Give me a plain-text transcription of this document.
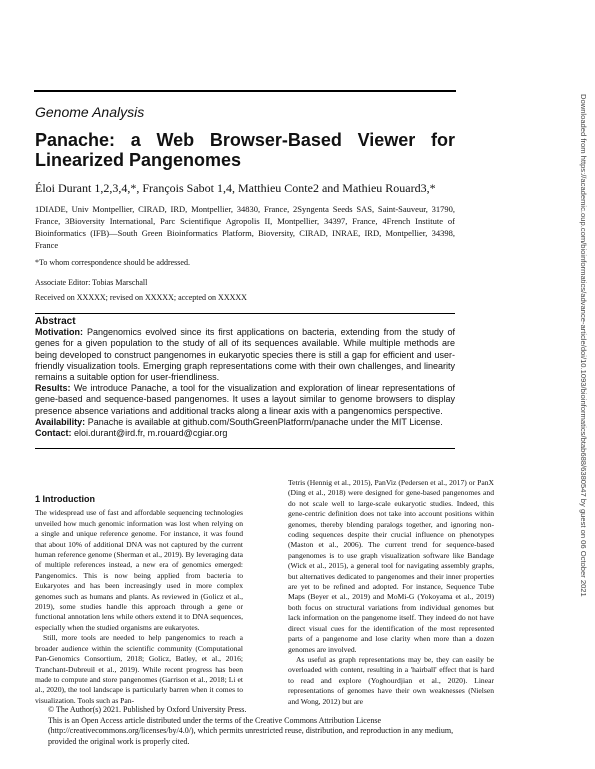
Genome Analysis
Panache: a Web Browser-Based Viewer for Linearized Pangenomes
Éloi Durant 1,2,3,4,*, François Sabot 1,4, Matthieu Conte2 and Mathieu Rouard3,*
1DIADE, Univ Montpellier, CIRAD, IRD, Montpellier, 34830, France, 2Syngenta Seeds SAS, Saint-Sauveur, 31790, France, 3Bioversity International, Parc Scientifique Agropolis II, Montpellier, 34397, France, 4French Institute of Bioinformatics (IFB)—South Green Bioinformatics Platform, Bioversity, CIRAD, INRAE, IRD, Montpellier, 34398, France
*To whom correspondence should be addressed.
Associate Editor: Tobias Marschall
Received on XXXXX; revised on XXXXX; accepted on XXXXX

Abstract

Motivation: Pangenomics evolved since its first applications on bacteria, extending from the study of genes for a given population to the study of all of its sequences available. While multiple methods are being developed to construct pangenomes in eukaryotic species there is still a gap for efficient and user-friendly visualization tools. Emerging graph representations come with their own challenges, and linearity remains a suitable option for user-friendliness.

Results: We introduce Panache, a tool for the visualization and exploration of linear representations of gene-based and sequence-based pangenomes. It uses a layout similar to genome browsers to display presence absence variations and additional tracks along a linear axis with a pangenomics perspective.

Availability: Panache is available at github.com/SouthGreenPlatform/panache under the MIT License.

Contact: eloi.durant@ird.fr, m.rouard@cgiar.org

1 Introduction

The widespread use of fast and affordable sequencing technologies unveiled how much genomic information was lost when relying on a single and unique reference genome. For instance, it was found that about 10% of additional DNA was not captured by the current human reference genome (Sherman et al., 2019). By leveraging data of multiple references instead, a new era of genomics emerged: Pangenomics. This is now being applied from bacteria to Eukaryotes and has been increasingly used in more complex genomes such as humans and plants. As reviewed in (Golicz et al., 2019), some studies handle this approach through a gene or functional annotation lens while others extend it to DNA sequences, especially when the studied organisms are eukaryotes.

Still, more tools are needed to help pangenomics to reach a broader audience within the scientific community (Computational Pan-Genomics Consortium, 2018; Golicz, Batley, et al., 2016; Tranchant-Dubreuil et al., 2019). While recent progress has been made to compute and store pangenomes (Garrison et al., 2018; Li et al., 2020), the tool landscape is particularly barren when it comes to visualization. Tools such as Pan-

Tetris (Hennig et al., 2015), PanViz (Pedersen et al., 2017) or PanX (Ding et al., 2018) were designed for gene-based pangenomes and do not scale well to large-scale eukaryotic studies. Indeed, this gene-centric definition does not take into account positions within genomes, thereby blending paralogs together, and ignoring non-coding sequences despite their crucial influence on phenotypes (Maston et al., 2006). The current trend for sequence-based pangenomes is to use graph visualization software like Bandage (Wick et al., 2015), a general tool for navigating assembly graphs, but alternatives dedicated to pangenomes and their inner properties are yet to be refined and adopted. For instance, Sequence Tube Maps (Beyer et al., 2019) and MoMi-G (Yokoyama et al., 2019) both focus on structural variations from individual genomes but lack information on the pangenome itself. They indeed do not have direct visual cues for the identification of the most represented parts of a pangenome and lose clarity when more than a dozen genomes are involved.

As useful as graph representations may be, they can easily be overloaded with content, resulting in a 'hairball' effect that is hard to read and explore (Yoghourdjian et al., 2020). Linear representations of genomes have their own weaknesses (Nielsen and Wong, 2012) but are

© The Author(s) 2021. Published by Oxford University Press.
This is an Open Access article distributed under the terms of the Creative Commons Attribution License
(http://creativecommons.org/licenses/by/4.0/), which permits unrestricted reuse, distribution, and reproduction in any medium,
provided the original work is properly cited.
Downloaded from https://academic.oup.com/bioinformatics/advance-article/doi/10.1093/bioinformatics/btab688/6380547 by guest on 06 October 2021
